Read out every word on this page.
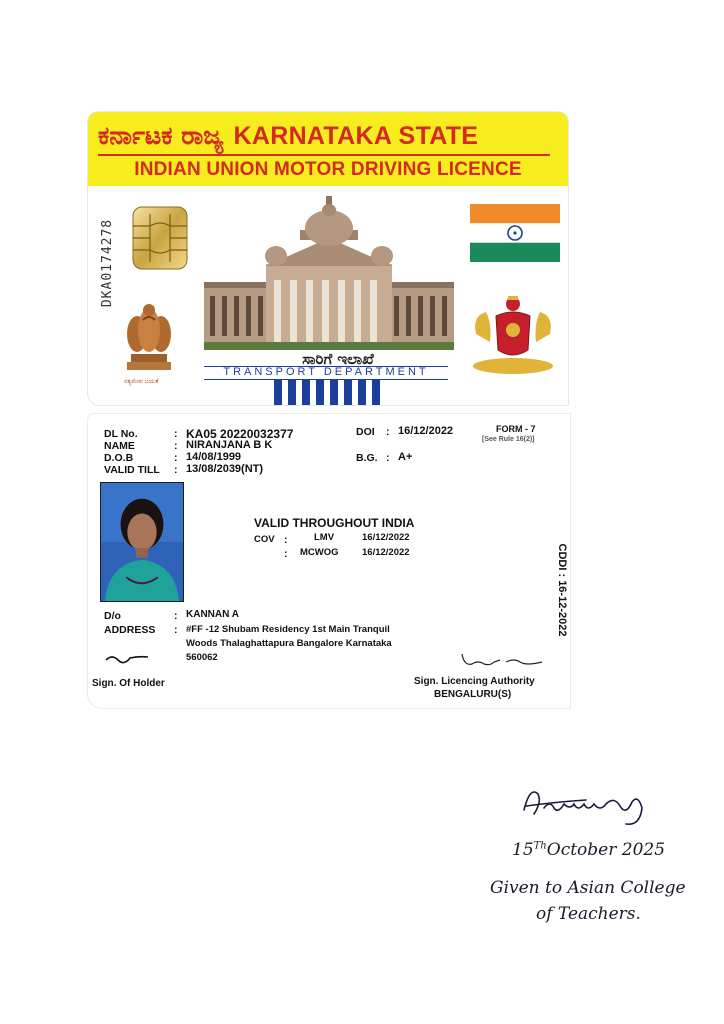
ಕರ್ನಾಟಕ ರಾಜ್ಯ KARNATAKA STATE
INDIAN UNION MOTOR DRIVING LICENCE
DKA0174278
ಸತ್ಯಮೇವ ಜಯತೆ
ಸಾರಿಗೆ ಇಲಾಖೆ
TRANSPORT DEPARTMENT
DL No.	: KA05 20220032377
NAME	: NIRANJANA B K
D.O.B	: 14/08/1999
VALID TILL : 13/08/2039(NT)
DOI : 16/12/2022	FORM - 7
[See Rule 16(2)]
B.G. : A+
VALID THROUGHOUT INDIA
COV :	LMV	16/12/2022
: MCWOG 16/12/2022	CDDI : 16-12-2022
D/o	: KANNAN A
ADDRESS : #FF -12 Shubam Residency 1st Main Tranquil
Woods Thalaghattapura Bangalore Karnataka
560062
Sign. Of Holder	Sign. Licencing Authority
BENGALURU(S)
15ThOctober 2025
Given to Asian College
of Teachers.
